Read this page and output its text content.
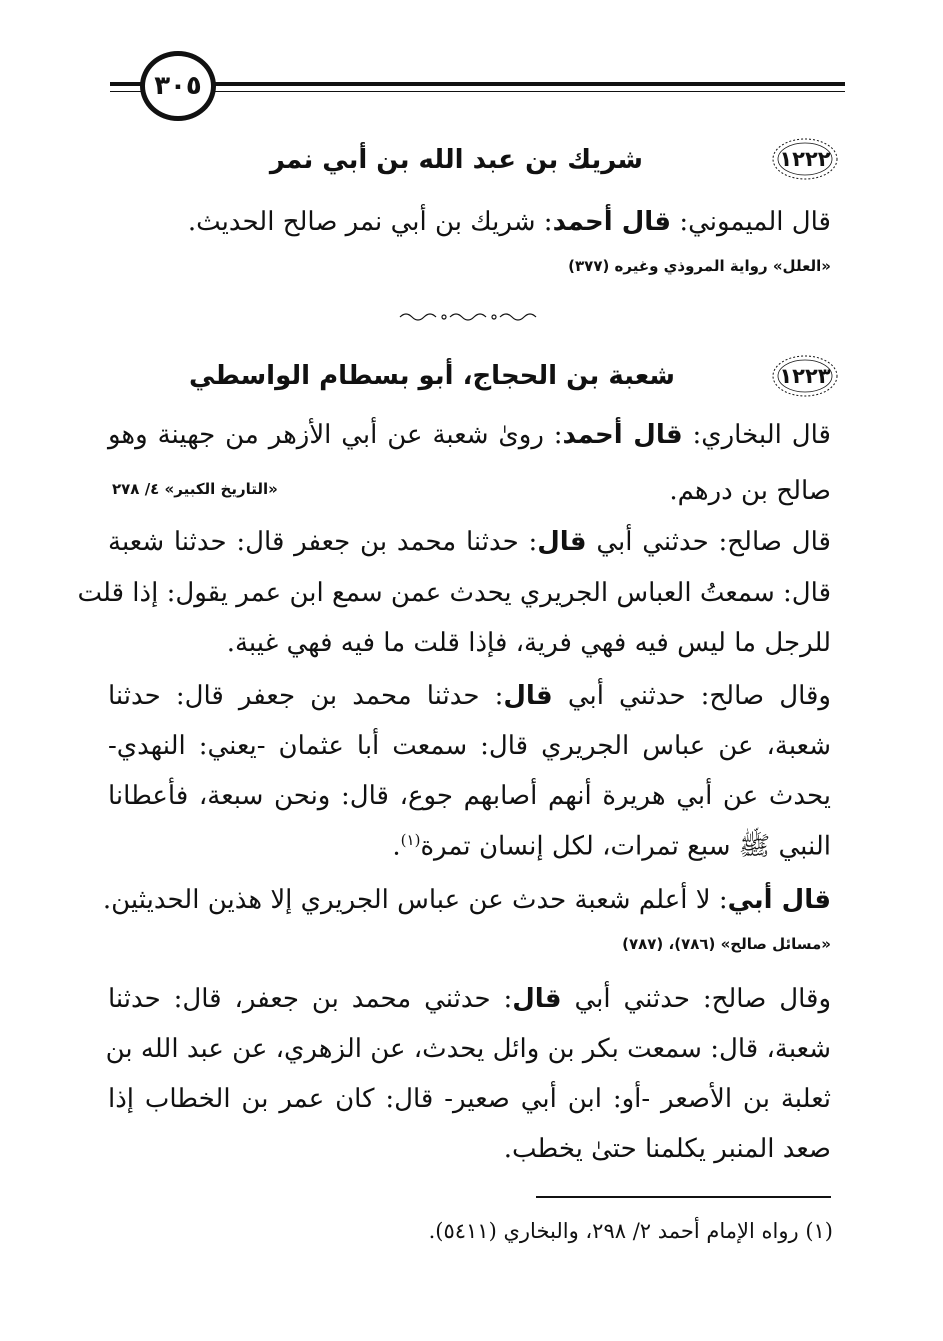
٣٠٥
١٢٢٢
شريك بن عبد الله بن أبي نمر
قال الميموني: قال أحمد: شريك بن أبي نمر صالح الحديث.
«العلل» رواية المروذي وغيره (٣٧٧)
١٢٢٣
شعبة بن الحجاج، أبو بسطام الواسطي
قال البخاري: قال أحمد: روىٰ شعبة عن أبي الأزهر من جهينة وهو
صالح بن درهم.
«التاريخ الكبير» ٤/ ٢٧٨
قال صالح: حدثني أبي قال: حدثنا محمد بن جعفر قال: حدثنا شعبة
قال: سمعتُ العباس الجريري يحدث عمن سمع ابن عمر يقول: إذا قلت
للرجل ما ليس فيه فهي فرية، فإذا قلت ما فيه فهي غيبة.
وقال صالح: حدثني أبي قال: حدثنا محمد بن جعفر قال: حدثنا
شعبة، عن عباس الجريري قال: سمعت أبا عثمان -يعني: النهدي-
يحدث عن أبي هريرة أنهم أصابهم جوع، قال: ونحن سبعة، فأعطانا
النبي ﷺ سبع تمرات، لكل إنسان تمرة$^{(١)}$.
قال أبي: لا أعلم شعبة حدث عن عباس الجريري إلا هذين الحديثين.
«مسائل صالح» (٧٨٦)، (٧٨٧)
وقال صالح: حدثني أبي قال: حدثني محمد بن جعفر، قال: حدثنا
شعبة، قال: سمعت بكر بن وائل يحدث، عن الزهري، عن عبد الله بن
ثعلبة بن الأصعر -أو: ابن أبي صعير- قال: كان عمر بن الخطاب إذا
صعد المنبر يكلمنا حتىٰ يخطب.
(١) رواه الإمام أحمد ٢/ ٢٩٨، والبخاري (٥٤١١).
